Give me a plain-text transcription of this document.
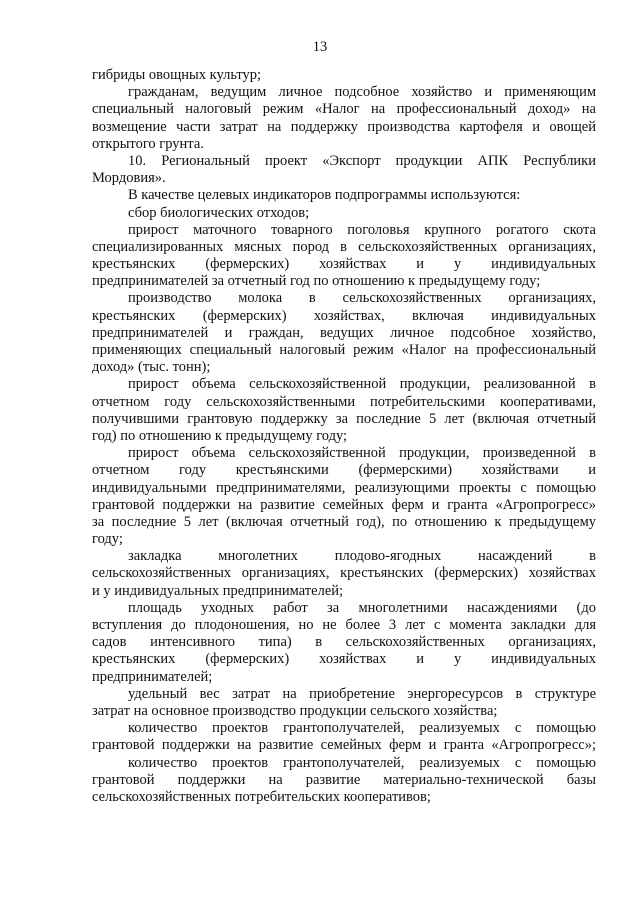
13
гибриды овощных культур;
гражданам, ведущим личное подсобное хозяйство и применяющим
специальный налоговый режим «Налог на профессиональный доход» на
возмещение части затрат на поддержку производства картофеля и овощей
открытого грунта.
10. Региональный проект «Экспорт продукции АПК Республики
Мордовия».
В качестве целевых индикаторов подпрограммы используются:
сбор биологических отходов;
прирост маточного товарного поголовья крупного рогатого скота
специализированных мясных пород в сельскохозяйственных организациях,
крестьянских (фермерских) хозяйствах и у индивидуальных
предпринимателей за отчетный год по отношению к предыдущему году;
производство молока в сельскохозяйственных организациях,
крестьянских (фермерских) хозяйствах, включая индивидуальных
предпринимателей и граждан, ведущих личное подсобное хозяйство,
применяющих специальный налоговый режим «Налог на профессиональный
доход» (тыс. тонн);
прирост объема сельскохозяйственной продукции, реализованной в
отчетном году сельскохозяйственными потребительскими кооперативами,
получившими грантовую поддержку за последние 5 лет (включая отчетный
год) по отношению к предыдущему году;
прирост объема сельскохозяйственной продукции, произведенной в
отчетном году крестьянскими (фермерскими) хозяйствами и
индивидуальными предпринимателями, реализующими проекты с помощью
грантовой поддержки на развитие семейных ферм и гранта «Агропрогресс»
за последние 5 лет (включая отчетный год), по отношению к предыдущему
году;
закладка многолетних плодово-ягодных насаждений в
сельскохозяйственных организациях, крестьянских (фермерских) хозяйствах
и у индивидуальных предпринимателей;
площадь уходных работ за многолетними насаждениями (до
вступления до плодоношения, но не более 3 лет с момента закладки для
садов интенсивного типа) в сельскохозяйственных организациях,
крестьянских (фермерских) хозяйствах и у индивидуальных
предпринимателей;
удельный вес затрат на приобретение энергоресурсов в структуре
затрат на основное производство продукции сельского хозяйства;
количество проектов грантополучателей, реализуемых с помощью
грантовой поддержки на развитие семейных ферм и гранта «Агропрогресс»;
количество проектов грантополучателей, реализуемых с помощью
грантовой поддержки на развитие материально-технической базы
сельскохозяйственных потребительских кооперативов;
